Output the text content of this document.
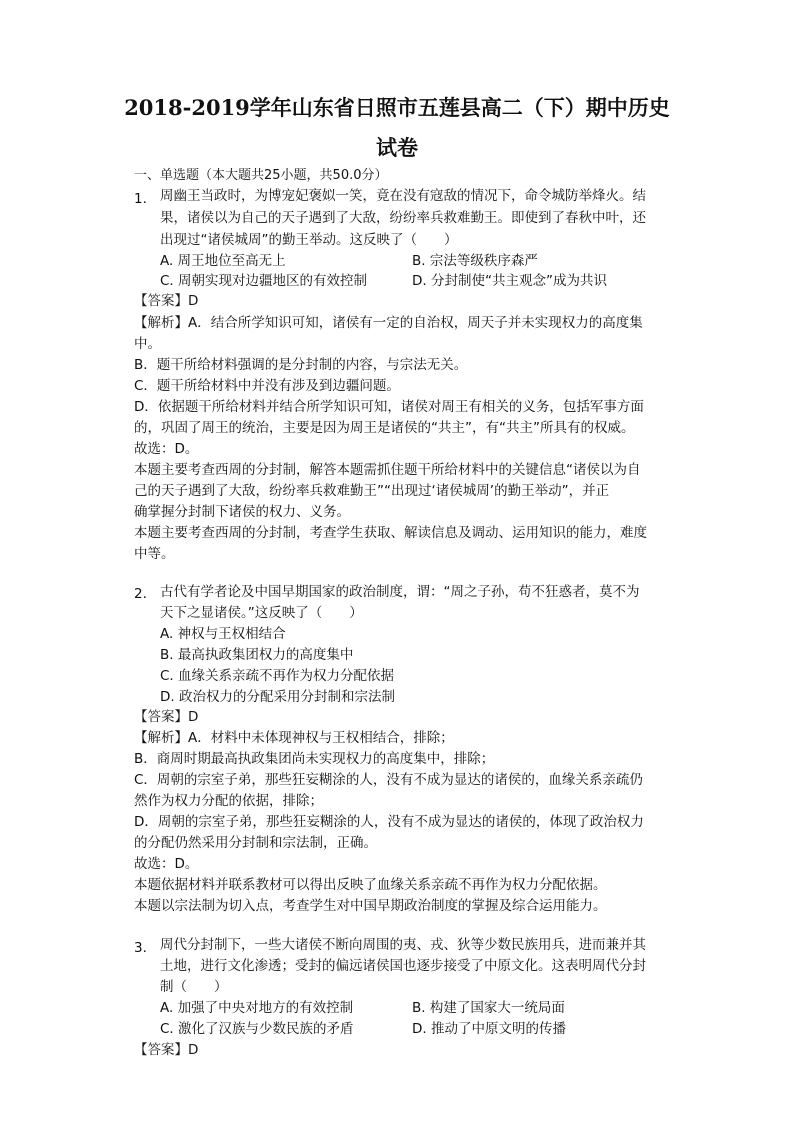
2018-2019学年山东省日照市五莲县高二（下）期中历史
试卷
一、单选题（本大题共25小题，共50.0分）
1. 周幽王当政时，为博宠妃褒姒一笑，竟在没有寇敌的情况下，命令城防举烽火。结
果，诸侯以为自己的天子遇到了大敌，纷纷率兵救难勤王。即使到了春秋中叶，还
出现过“诸侯城周”的勤王举动。这反映了（　　）
A. 周王地位至高无上	B. 宗法等级秩序森严
C. 周朝实现对边疆地区的有效控制	D. 分封制使“共主观念”成为共识
【答案】D
【解析】A．结合所学知识可知，诸侯有一定的自治权，周天子并未实现权力的高度集
中。
B．题干所给材料强调的是分封制的内容，与宗法无关。
C．题干所给材料中并没有涉及到边疆问题。
D．依据题干所给材料并结合所学知识可知，诸侯对周王有相关的义务，包括军事方面
的，巩固了周王的统治，主要是因为周王是诸侯的“共主”，有“共主”所具有的权威。
故选：D。
本题主要考查西周的分封制，解答本题需抓住题干所给材料中的关键信息“诸侯以为自
己的天子遇到了大敌，纷纷率兵救难勤王”“出现过‘诸侯城周’的勤王举动”，并正
确掌握分封制下诸侯的权力、义务。
本题主要考查西周的分封制，考查学生获取、解读信息及调动、运用知识的能力，难度
中等。
2. 古代有学者论及中国早期国家的政治制度，谓：“周之子孙，苟不狂惑者，莫不为
天下之显诸侯。”这反映了（　　）
A. 神权与王权相结合
B. 最高执政集团权力的高度集中
C. 血缘关系亲疏不再作为权力分配依据
D. 政治权力的分配采用分封制和宗法制
【答案】D
【解析】A．材料中未体现神权与王权相结合，排除；
B．商周时期最高执政集团尚未实现权力的高度集中，排除；
C．周朝的宗室子弟，那些狂妄糊涂的人，没有不成为显达的诸侯的，血缘关系亲疏仍
然作为权力分配的依据，排除；
D．周朝的宗室子弟，那些狂妄糊涂的人，没有不成为显达的诸侯的，体现了政治权力
的分配仍然采用分封制和宗法制，正确。
故选：D。
本题依据材料并联系教材可以得出反映了血缘关系亲疏不再作为权力分配依据。
本题以宗法制为切入点，考查学生对中国早期政治制度的掌握及综合运用能力。
3. 周代分封制下，一些大诸侯不断向周围的夷、戎、狄等少数民族用兵，进而兼并其
土地，进行文化渗透；受封的偏远诸侯国也逐步接受了中原文化。这表明周代分封
制（　　）
A. 加强了中央对地方的有效控制	B. 构建了国家大一统局面
C. 激化了汉族与少数民族的矛盾	D. 推动了中原文明的传播
【答案】D
